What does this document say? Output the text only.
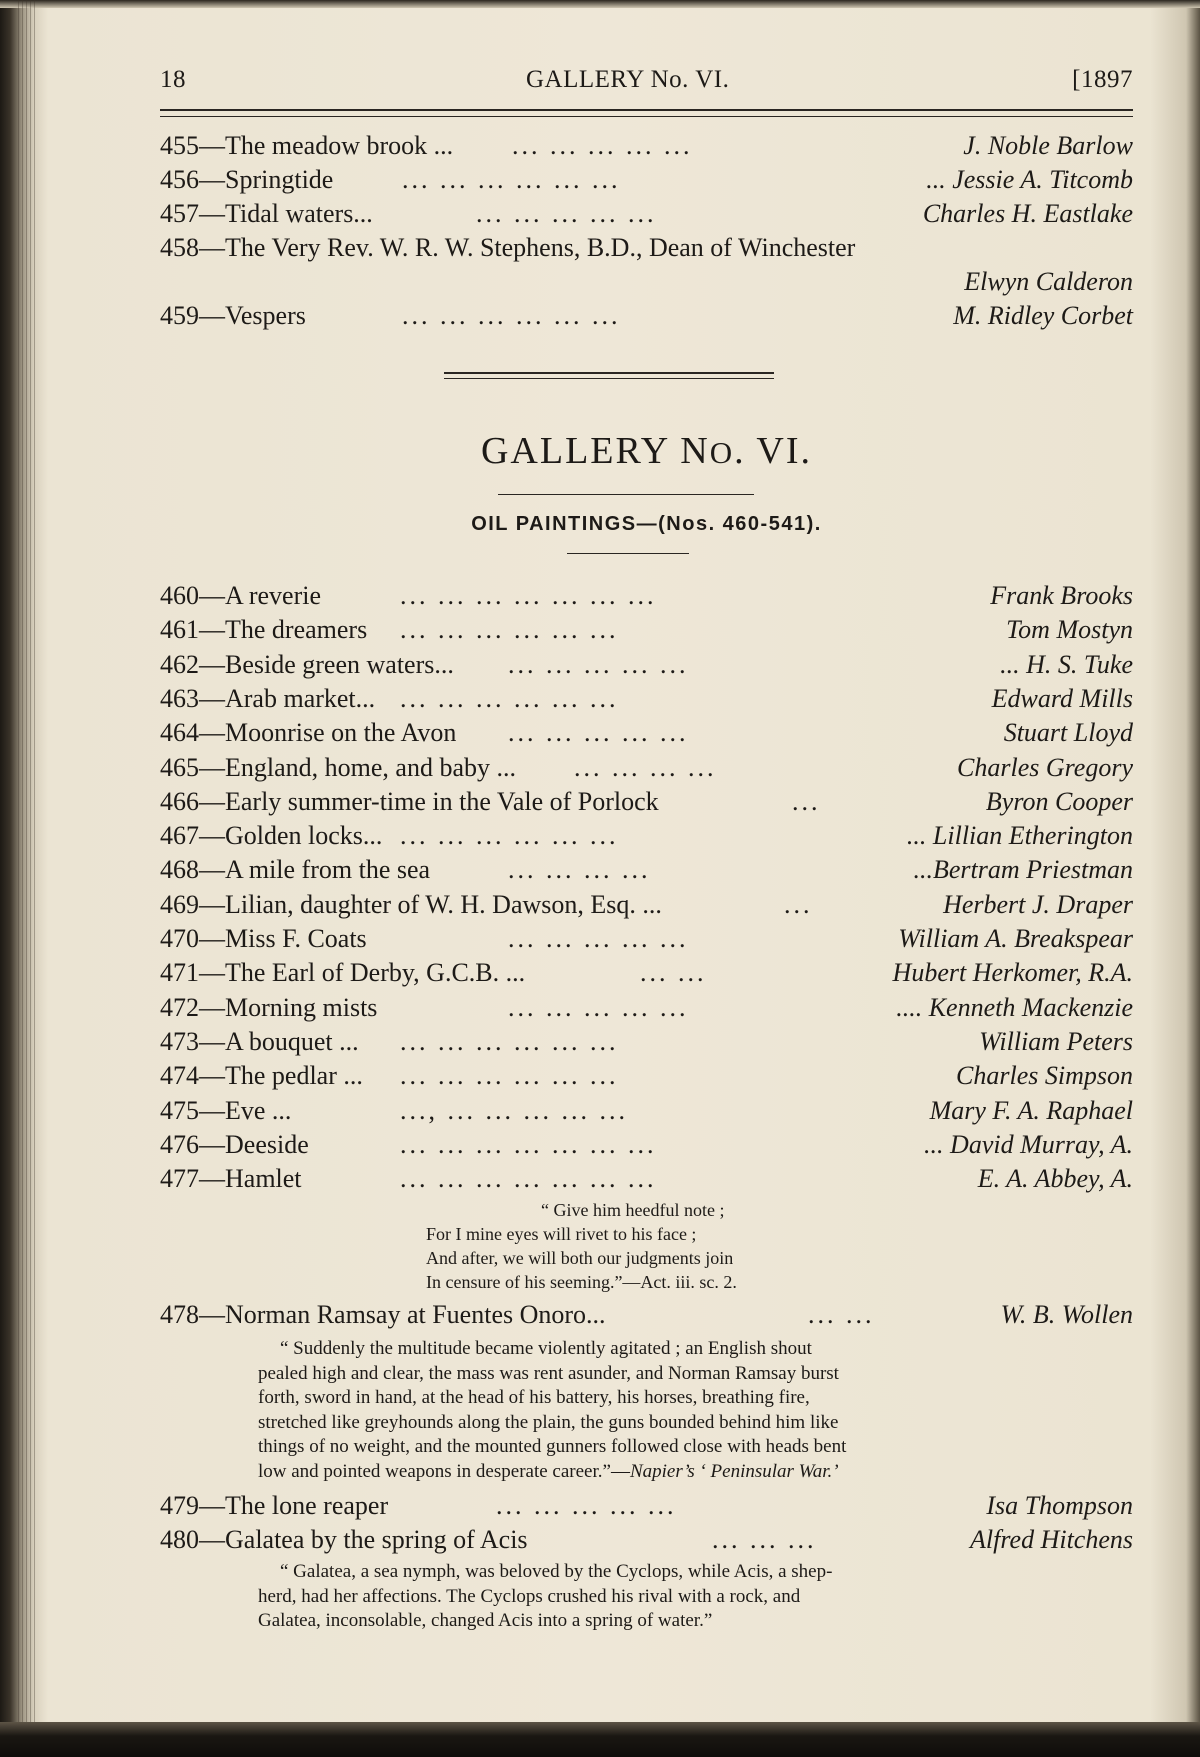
18	GALLERY No. VI.	[1897
455—The meadow brook ... ... ... ... ... ...	J. Noble Barlow
456—Springtide	... ... ... ... ... ...	... Jessie A. Titcomb
457—Tidal waters...	... ... ... ... ...	Charles H. Eastlake
458—The Very Rev. W. R. W. Stephens, B.D., Dean of Winchester
Elwyn Calderon
459—Vespers	... ... ... ... ... ...	M. Ridley Corbet
GALLERY NO. VI.
OIL PAINTINGS—(Nos. 460-541).
460—A reverie	... ... ... ... ... ... ...	Frank Brooks
461—The dreamers ... ... ... ... ... ...	Tom Mostyn
462—Beside green waters... ... ... ... ... ...	... H. S. Tuke
463—Arab market... ... ... ... ... ... ...	Edward Mills
464—Moonrise on the Avon ... ... ... ... ...	Stuart Lloyd
465—England, home, and baby ... ... ... ... ...	Charles Gregory
466—Early summer-time in the Vale of Porlock	...	Byron Cooper
467—Golden locks... ... ... ... ... ... ...	... Lillian Etherington
468—A mile from the sea	... ... ... ...	...Bertram Priestman
469—Lilian, daughter of W. H. Dawson, Esq. ...	...	Herbert J. Draper
470—Miss F. Coats	... ... ... ... ...	William A. Breakspear
471—The Earl of Derby, G.C.B. ...	... ...	Hubert Herkomer, R.A.
472—Morning mists	... ... ... ... ...	.... Kenneth Mackenzie
473—A bouquet ... ... ... ... ... ... ...	William Peters
474—The pedlar ... ... ... ... ... ... ...	Charles Simpson
475—Eve ...	..., ... ... ... ... ...	Mary F. A. Raphael
476—Deeside	... ... ... ... ... ... ...	... David Murray, A.
477—Hamlet	... ... ... ... ... ... ...	E. A. Abbey, A.
“ Give him heedful note ;
For I mine eyes will rivet to his face ;
And after, we will both our judgments join
In censure of his seeming.”—Act. iii. sc. 2.
478—Norman Ramsay at Fuentes Onoro...	... ...	W. B. Wollen
“ Suddenly the multitude became violently agitated ; an English shout
pealed high and clear, the mass was rent asunder, and Norman Ramsay burst
forth, sword in hand, at the head of his battery, his horses, breathing fire,
stretched like greyhounds along the plain, the guns bounded behind him like
things of no weight, and the mounted gunners followed close with heads bent
low and pointed weapons in desperate career.”—Napier’s ‘ Peninsular War.’
479—The lone reaper	... ... ... ... ...	Isa Thompson
480—Galatea by the spring of Acis	... ... ...	Alfred Hitchens
“ Galatea, a sea nymph, was beloved by the Cyclops, while Acis, a shep-
herd, had her affections. The Cyclops crushed his rival with a rock, and
Galatea, inconsolable, changed Acis into a spring of water.”
